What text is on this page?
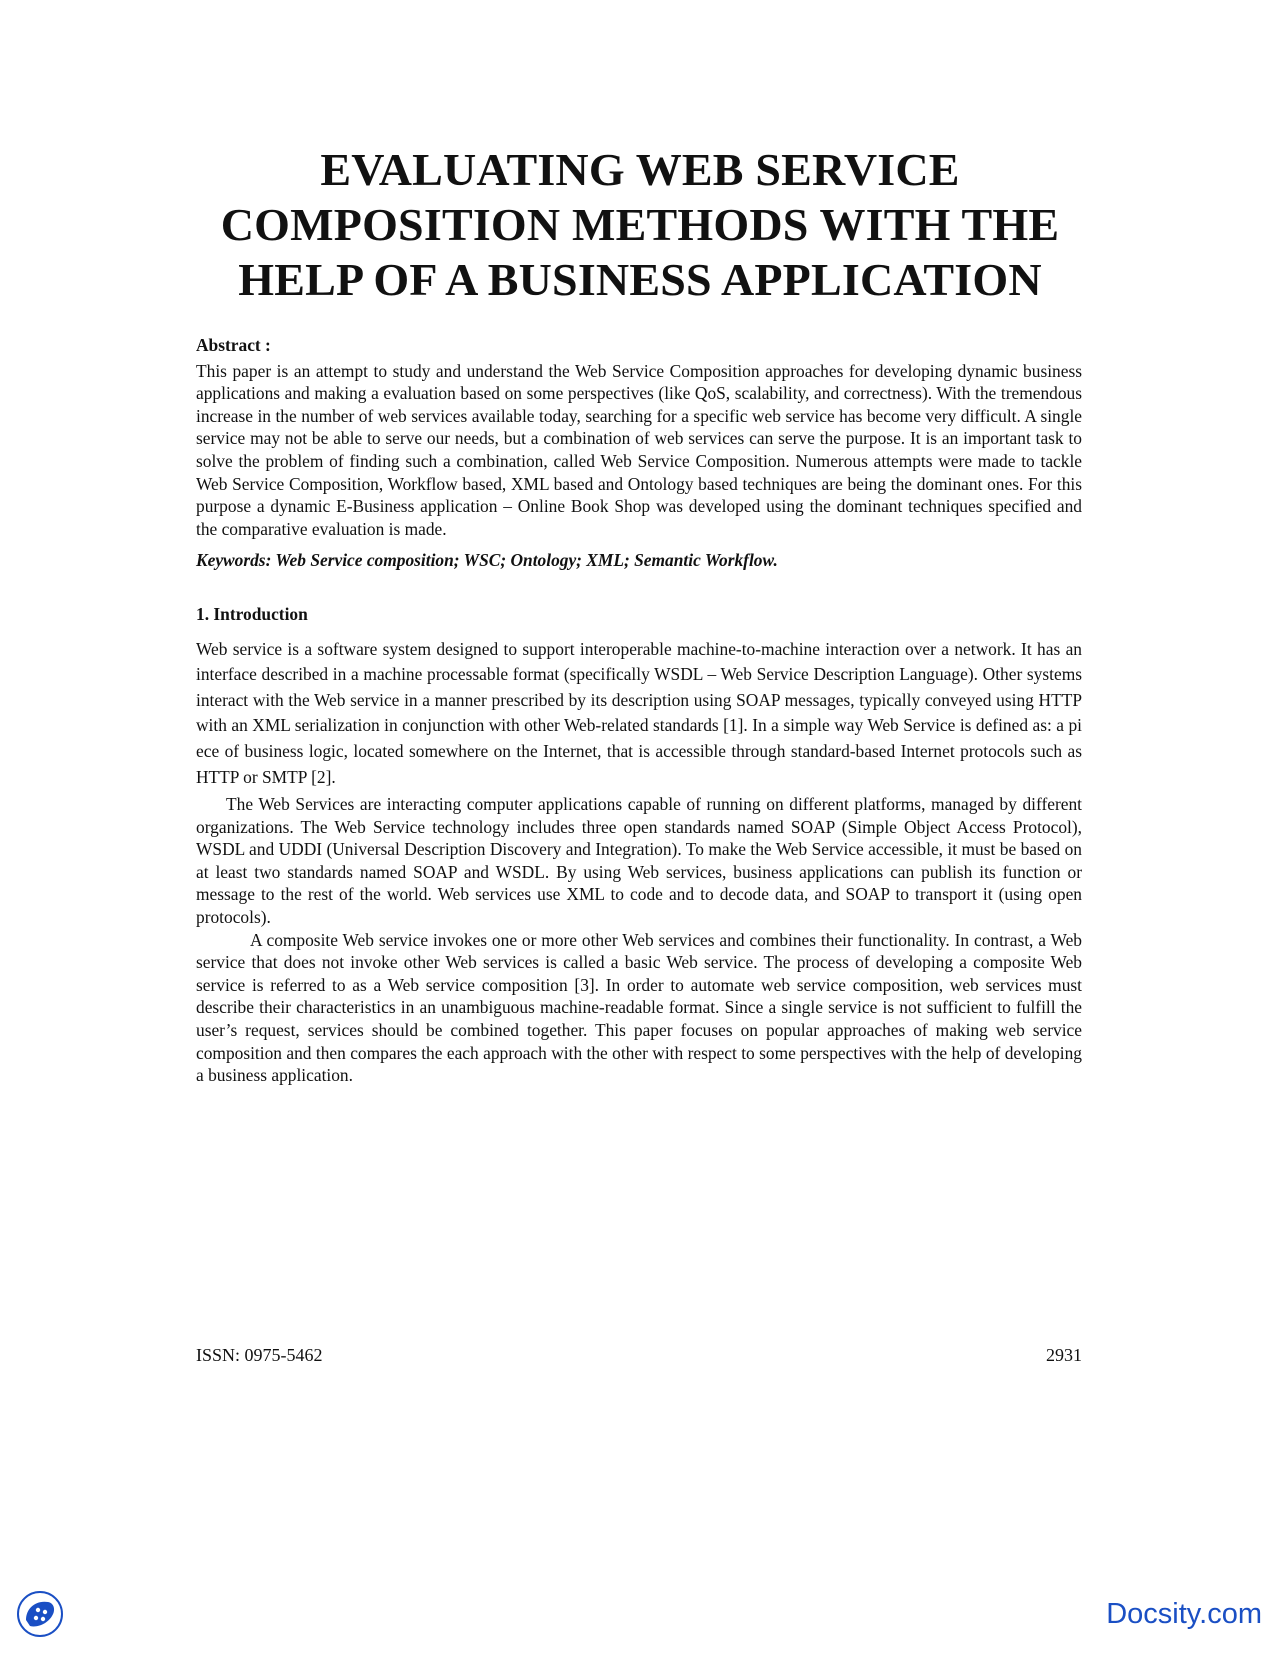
EVALUATING WEB SERVICE
COMPOSITION METHODS WITH THE
HELP OF A BUSINESS APPLICATION
Abstract :

This paper is an attempt to study and understand the Web Service Composition approaches for developing dynamic business applications and making a evaluation based on some perspectives (like QoS, scalability, and correctness). With the tremendous increase in the number of web services available today, searching for a specific web service has become very difficult. A single service may not be able to serve our needs, but a combination of web services can serve the purpose. It is an important task to solve the problem of finding such a combination, called Web Service Composition. Numerous attempts were made to tackle Web Service Composition, Workflow based, XML based and Ontology based techniques are being the dominant ones. For this purpose a dynamic E-Business application – Online Book Shop was developed using the dominant techniques specified and the comparative evaluation is made.

Keywords: Web Service composition; WSC; Ontology; XML; Semantic Workflow.

1. Introduction

Web service is a software system designed to support interoperable machine-to-machine interaction over a network. It has an interface described in a machine processable format (specifically WSDL – Web Service Description Language). Other systems interact with the Web service in a manner prescribed by its description using SOAP messages, typically conveyed using HTTP with an XML serialization in conjunction with other Web-related standards [1]. In a simple way Web Service is defined as: a pi ece of business logic, located somewhere on the Internet, that is accessible through standard-based Internet protocols such as HTTP or SMTP [2].

The Web Services are interacting computer applications capable of running on different platforms, managed by different organizations. The Web Service technology includes three open standards named SOAP (Simple Object Access Protocol), WSDL and UDDI (Universal Description Discovery and Integration). To make the Web Service accessible, it must be based on at least two standards named SOAP and WSDL. By using Web services, business applications can publish its function or message to the rest of the world. Web services use XML to code and to decode data, and SOAP to transport it (using open protocols).

A composite Web service invokes one or more other Web services and combines their functionality. In contrast, a Web service that does not invoke other Web services is called a basic Web service. The process of developing a composite Web service is referred to as a Web service composition [3]. In order to automate web service composition, web services must describe their characteristics in an unambiguous machine-readable format. Since a single service is not sufficient to fulfill the user’s request, services should be combined together. This paper focuses on popular approaches of making web service composition and then compares the each approach with the other with respect to some perspectives with the help of developing a business application.

ISSN: 0975-5462	2931
Docsity.com
